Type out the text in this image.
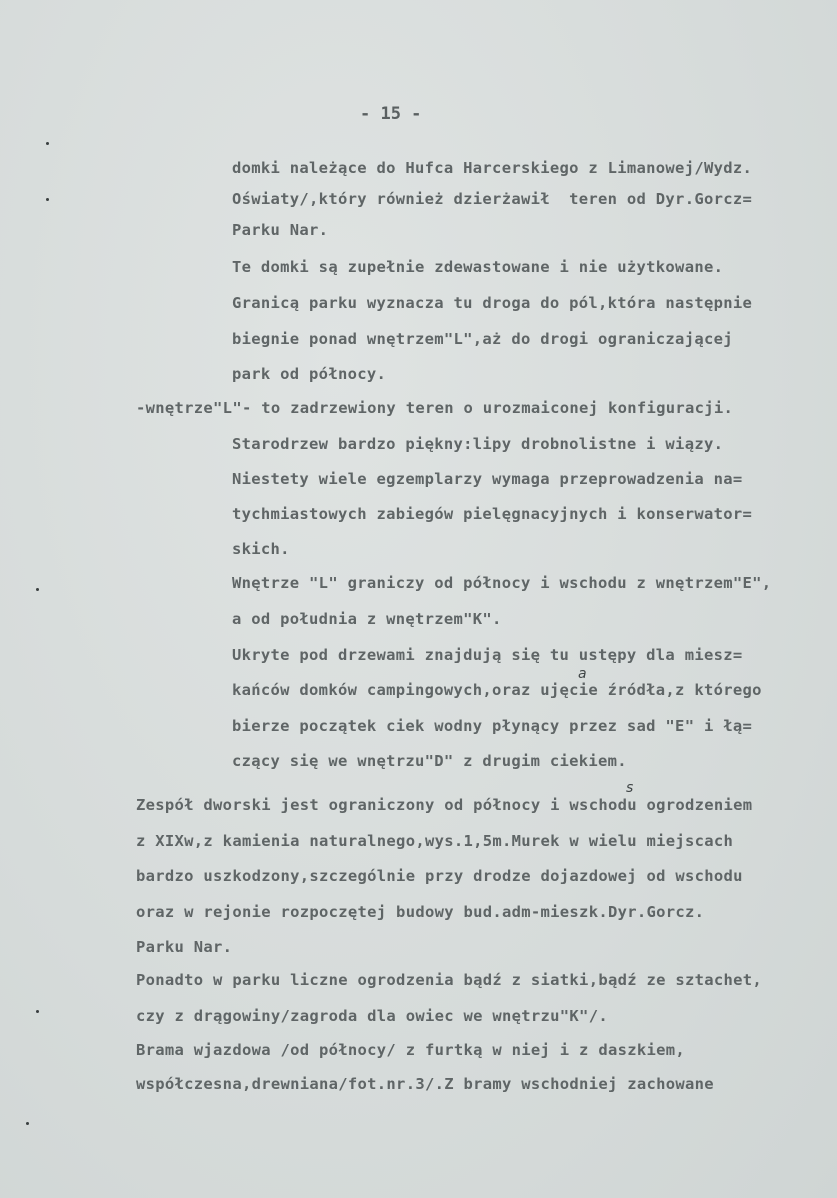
- 15 -
domki należące do Hufca Harcerskiego z Limanowej/Wydz.
Oświaty/,który również dzierżawił  teren od Dyr.Gorcz=
Parku Nar.
Te domki są zupełnie zdewastowane i nie użytkowane.
Granicą parku wyznacza tu droga do pól,która następnie
biegnie ponad wnętrzem"L",aż do drogi ograniczającej
park od północy.
-wnętrze"L"- to zadrzewiony teren o urozmaiconej konfiguracji.
Starodrzew bardzo piękny:lipy drobnolistne i wiązy.
Niestety wiele egzemplarzy wymaga przeprowadzenia na=
tychmiastowych zabiegów pielęgnacyjnych i konserwator=
skich.
Wnętrze "L" graniczy od północy i wschodu z wnętrzem"E",
a od południa z wnętrzem"K".
Ukryte pod drzewami znajdują się tu ustępy dla miesz=
kańców domków campingowych,oraz ujęcie źródła,z którego
bierze początek ciek wodny płynący przez sad "E" i łą=
czący się we wnętrzu"D" z drugim ciekiem.
Zespół dworski jest ograniczony od północy i wschodu ogrodzeniem
z XIXw,z kamienia naturalnego,wys.1,5m.Murek w wielu miejscach
bardzo uszkodzony,szczególnie przy drodze dojazdowej od wschodu
oraz w rejonie rozpoczętej budowy bud.adm-mieszk.Dyr.Gorcz.
Parku Nar.
Ponadto w parku liczne ogrodzenia bądź z siatki,bądź ze sztachet,
czy z drągowiny/zagroda dla owiec we wnętrzu"K"/.
Brama wjazdowa /od północy/ z furtką w niej i z daszkiem,
współczesna,drewniana/fot.nr.3/.Z bramy wschodniej zachowane
a
s
